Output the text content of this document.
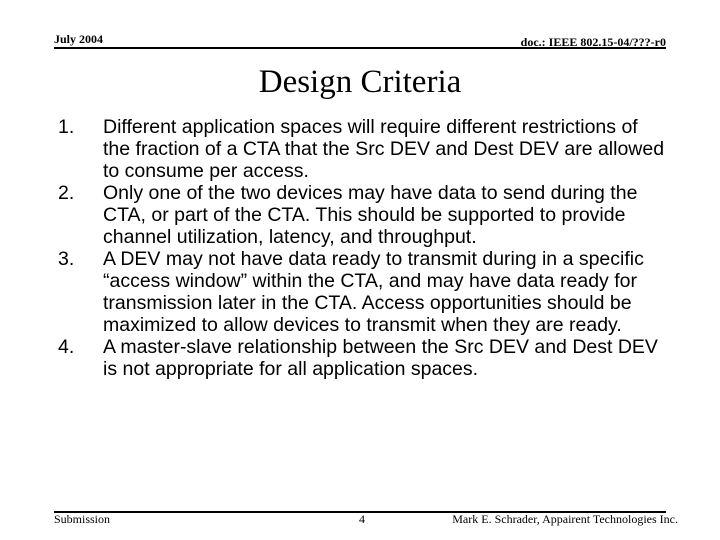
July 2004	doc.: IEEE 802.15-04/???-r0
Design Criteria
1. Different application spaces will require different restrictions of the fraction of a CTA that the Src DEV and Dest DEV are allowed to consume per access.
2. Only one of the two devices may have data to send during the CTA, or part of the CTA. This should be supported to provide channel utilization, latency, and throughput.
3. A DEV may not have data ready to transmit during in a specific “access window” within the CTA, and may have data ready for transmission later in the CTA. Access opportunities should be maximized to allow devices to transmit when they are ready.
4. A master-slave relationship between the Src DEV and Dest DEV is not appropriate for all application spaces.
Submission	4	Mark E. Schrader, Appairent Technologies Inc.
